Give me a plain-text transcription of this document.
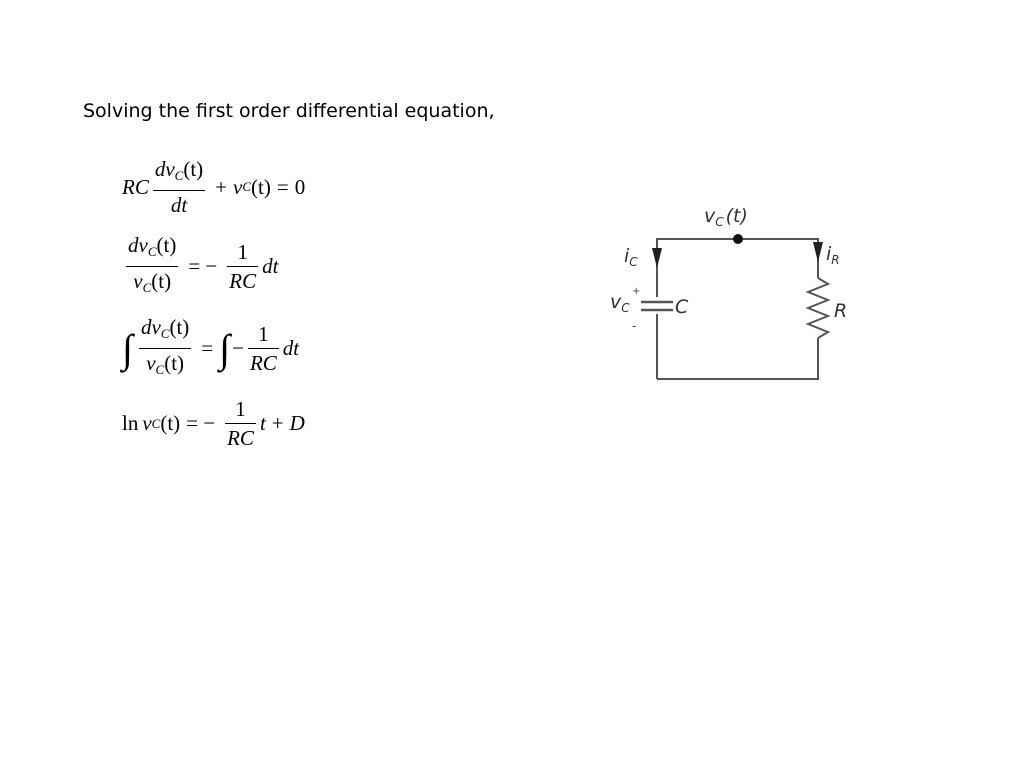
Solving the first order differential equation,
RC $\frac{dv_C(t)}{dt} + v$ C (t) = 0
$\frac{dv_C(t)}{v_C(t)}$ = − $\frac{1}{RC}$ dt
∫ $\frac{dv_C(t)}{v_C(t)}$ = ∫ − $\frac{1}{RC}$ dt
ln v C (t) = − $\frac{1}{RC}$ t + D
$v_C$ (t)
$i_C$	$i_R$
$v_C$
+
-
C	R
